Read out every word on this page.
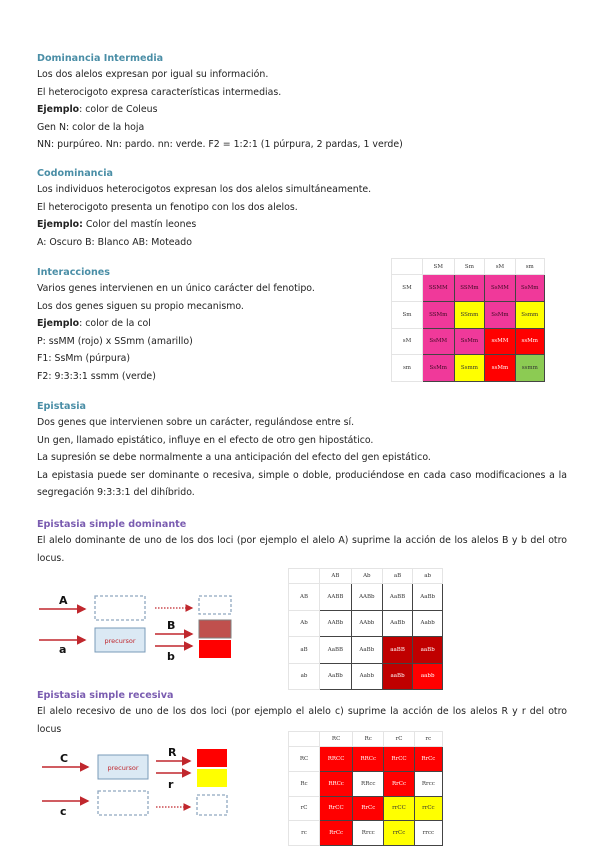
Dominancia Intermedia

Los dos alelos expresan por igual su información.

El heterocigoto expresa características intermedias.

Ejemplo: color de Coleus

Gen N: color de la hoja

NN: purpúreo. Nn: pardo. nn: verde. F2 = 1:2:1 (1 púrpura, 2 pardas, 1 verde)

Codominancia

Los individuos heterocigotos expresan los dos alelos simultáneamente.

El heterocigoto presenta un fenotipo con los dos alelos.

Ejemplo: Color del mastín leones

A: Oscuro B: Blanco AB: Moteado

Interacciones

Varios genes intervienen en un único carácter del fenotipo.

Los dos genes siguen su propio mecanismo.

Ejemplo: color de la col

P: ssMM (rojo) x SSmm (amarillo)

F1: SsMm (púrpura)

F2: 9:3:3:1 ssmm (verde)

	SM	Sm	sM	sm
SM	SSMM	SSMm	SsMM	SsMm
Sm	SSMm	SSmm	SsMm	Ssmm
sM	SsMM	SsMm	ssMM	ssMm
sm	SsMm	Ssmm	ssMm	ssmm

Epistasia

Dos genes que intervienen sobre un carácter, regulándose entre sí.

Un gen, llamado epistático, influye en el efecto de otro gen hipostático.

La supresión se debe normalmente a una anticipación del efecto del gen epistático.

La epistasia puede ser dominante o recesiva, simple o doble, produciéndose en cada caso modificaciones a la segregación 9:3:3:1 del dihíbrido.

Epistasia simple dominante

El alelo dominante de uno de los dos loci (por ejemplo el alelo A) suprime la acción de los alelos B y b del otro locus.

A
a
precursor
B
b
	AB	Ab	aB	ab
AB	AABB	AABb	AaBB	AaBb
Ab	AABb	AAbb	AaBb	Aabb
aB	AaBB	AaBb	aaBB	aaBb
ab	AaBb	Aabb	aaBb	aabb

Epistasia simple recesiva

El alelo recesivo de uno de los dos loci (por ejemplo el alelo c) suprime la acción de los alelos R y r del otro locus

C
c
precursor
R
r
	RC	Rc	rC	rc
RC	RRCC	RRCc	RrCC	RrCc
Rc	RRCc	RRcc	RrCc	Rrcc
rC	RrCC	RrCc	rrCC	rrCc
rc	RrCc	Rrcc	rrCc	rrcc
